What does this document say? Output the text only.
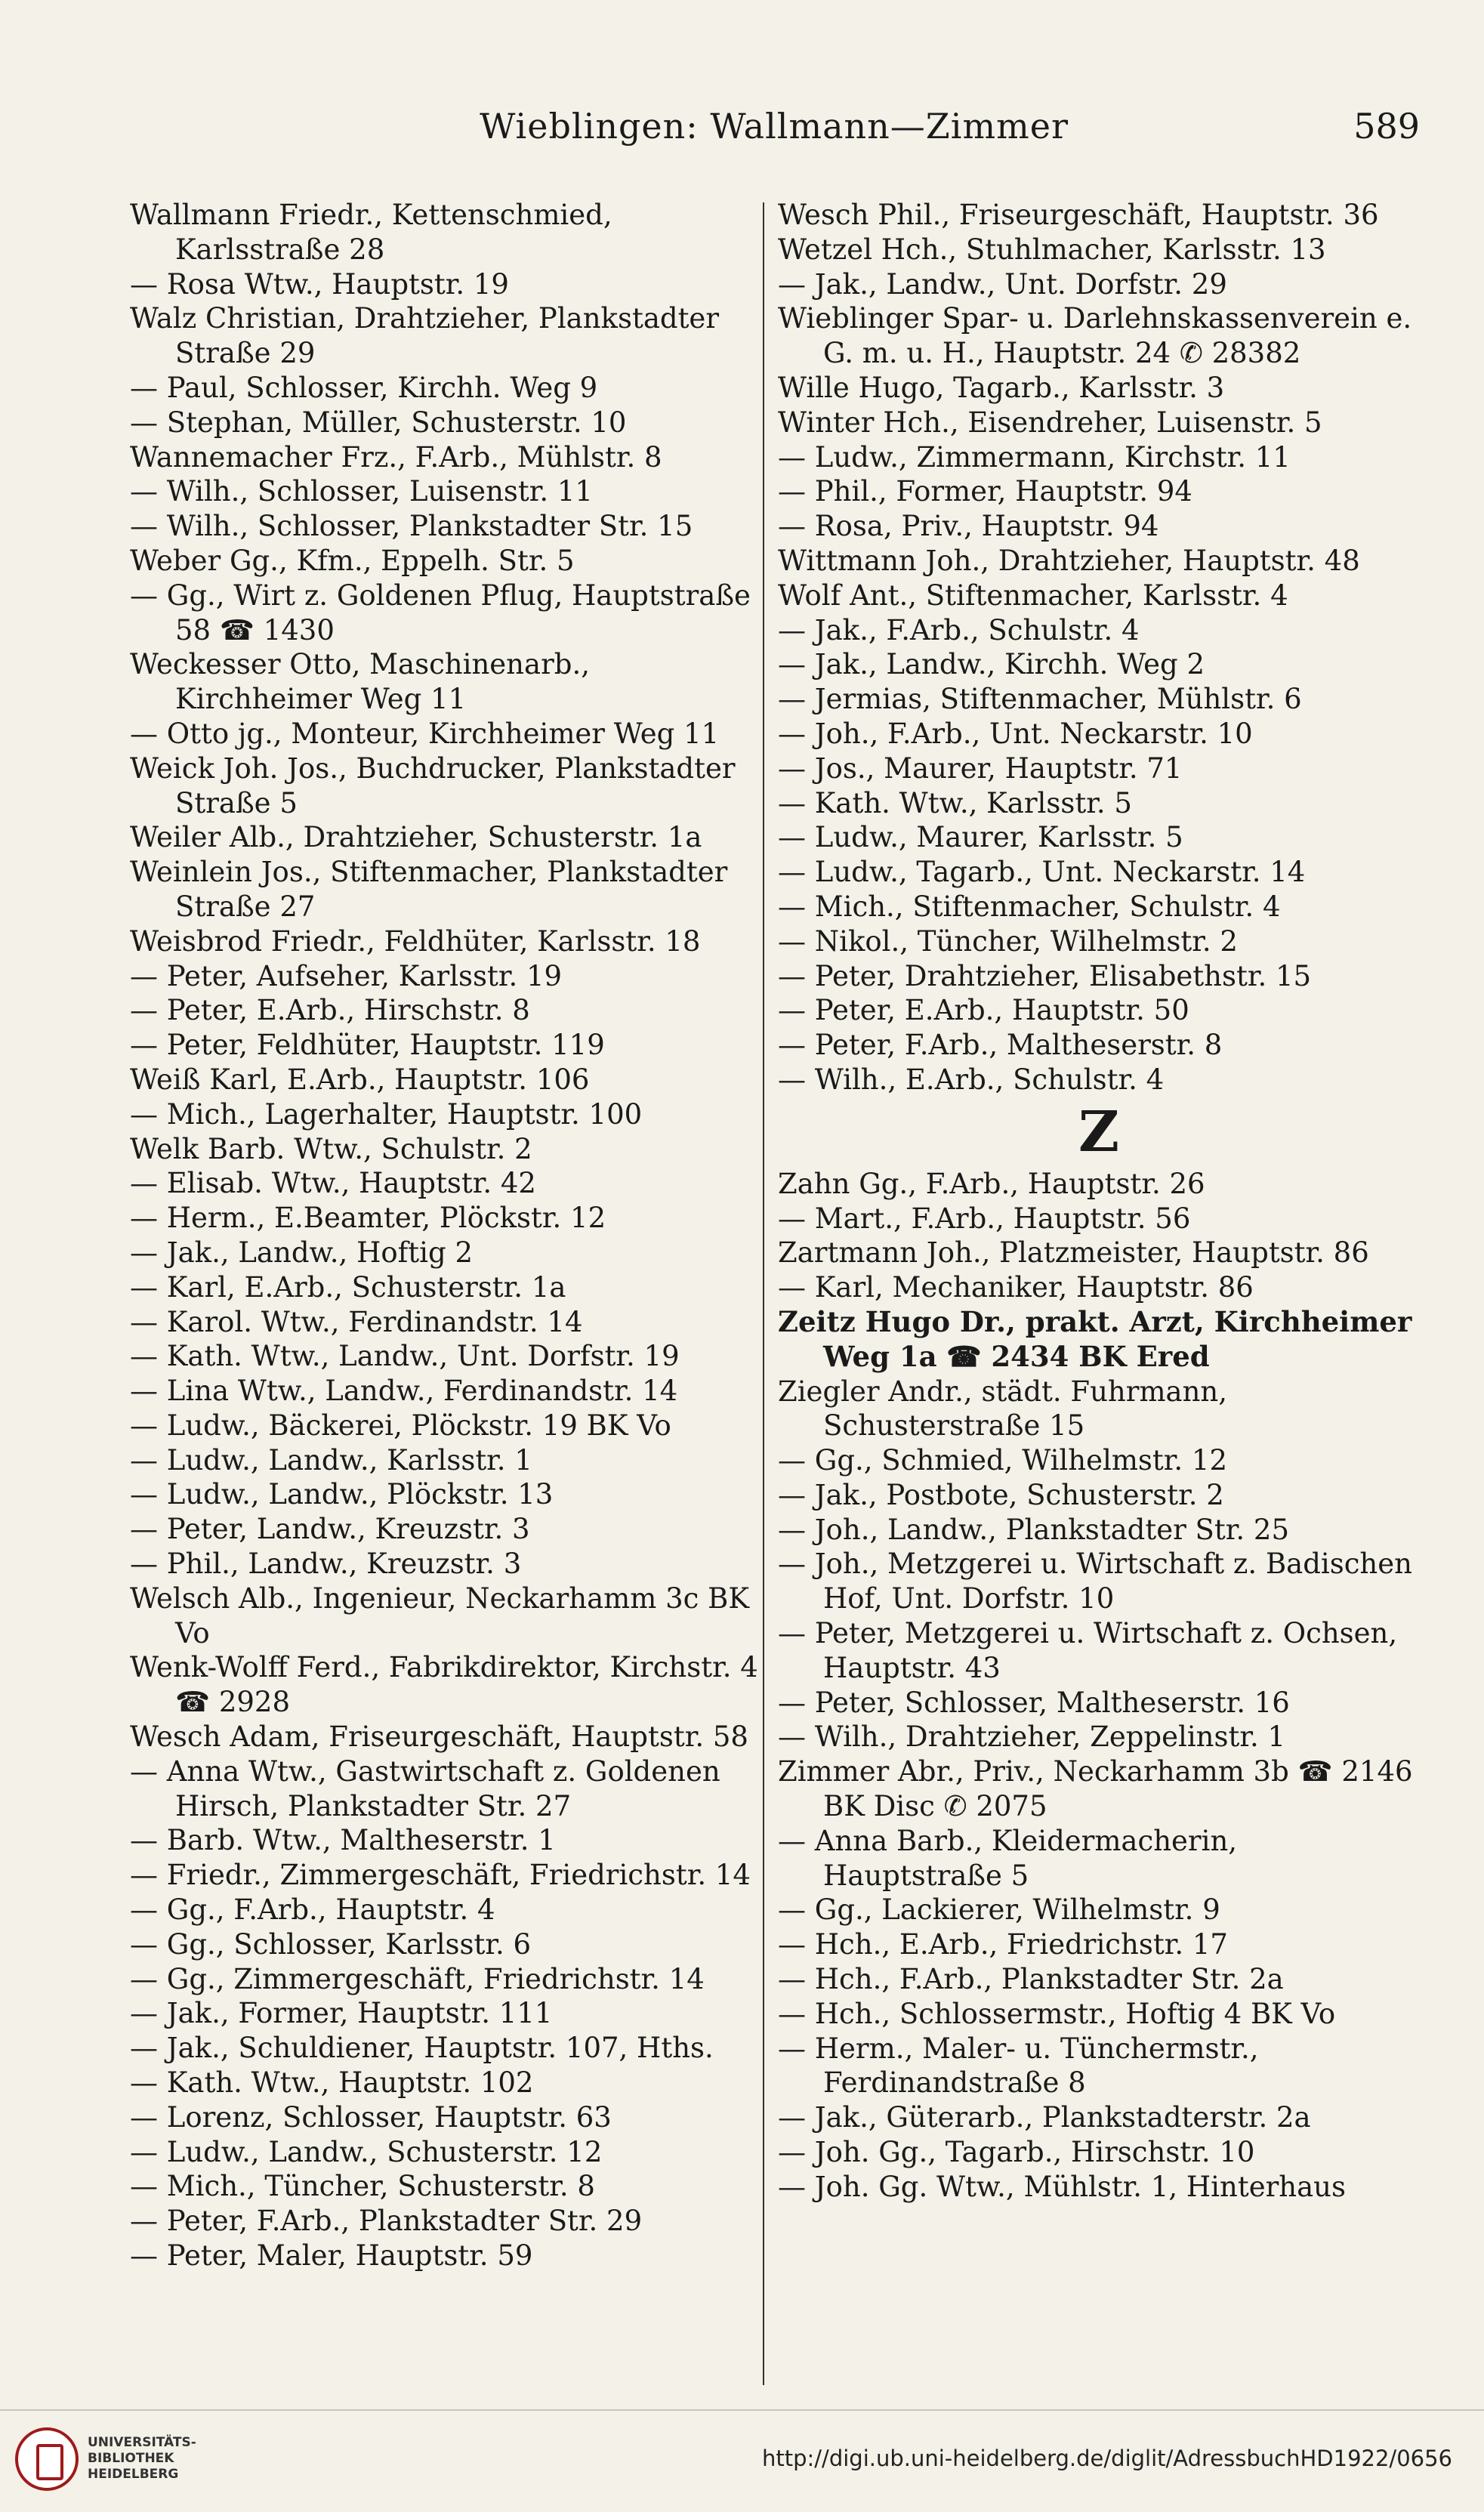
Wieblingen: Wallmann—Zimmer	589
Wallmann Friedr., Kettenschmied, Karlsstraße 28
— Rosa Wtw., Hauptstr. 19
Walz Christian, Drahtzieher, Plankstadter Straße 29
— Paul, Schlosser, Kirchh. Weg 9
— Stephan, Müller, Schusterstr. 10
Wannemacher Frz., F.Arb., Mühlstr. 8
— Wilh., Schlosser, Luisenstr. 11
— Wilh., Schlosser, Plankstadter Str. 15
Weber Gg., Kfm., Eppelh. Str. 5
— Gg., Wirt z. Goldenen Pflug, Hauptstraße 58 ☎ 1430
Weckesser Otto, Maschinenarb., Kirchheimer Weg 11
— Otto jg., Monteur, Kirchheimer Weg 11
Weick Joh. Jos., Buchdrucker, Plankstadter Straße 5
Weiler Alb., Drahtzieher, Schusterstr. 1a
Weinlein Jos., Stiftenmacher, Plankstadter Straße 27
Weisbrod Friedr., Feldhüter, Karlsstr. 18
— Peter, Aufseher, Karlsstr. 19
— Peter, E.Arb., Hirschstr. 8
— Peter, Feldhüter, Hauptstr. 119
Weiß Karl, E.Arb., Hauptstr. 106
— Mich., Lagerhalter, Hauptstr. 100
Welk Barb. Wtw., Schulstr. 2
— Elisab. Wtw., Hauptstr. 42
— Herm., E.Beamter, Plöckstr. 12
— Jak., Landw., Hoftig 2
— Karl, E.Arb., Schusterstr. 1a
— Karol. Wtw., Ferdinandstr. 14
— Kath. Wtw., Landw., Unt. Dorfstr. 19
— Lina Wtw., Landw., Ferdinandstr. 14
— Ludw., Bäckerei, Plöckstr. 19 BK Vo
— Ludw., Landw., Karlsstr. 1
— Ludw., Landw., Plöckstr. 13
— Peter, Landw., Kreuzstr. 3
— Phil., Landw., Kreuzstr. 3
Welsch Alb., Ingenieur, Neckarhamm 3c BK Vo
Wenk-Wolff Ferd., Fabrikdirektor, Kirchstr. 4 ☎ 2928
Wesch Adam, Friseurgeschäft, Hauptstr. 58
— Anna Wtw., Gastwirtschaft z. Goldenen Hirsch, Plankstadter Str. 27
— Barb. Wtw., Maltheserstr. 1
— Friedr., Zimmergeschäft, Friedrichstr. 14
— Gg., F.Arb., Hauptstr. 4
— Gg., Schlosser, Karlsstr. 6
— Gg., Zimmergeschäft, Friedrichstr. 14
— Jak., Former, Hauptstr. 111
— Jak., Schuldiener, Hauptstr. 107, Hths.
— Kath. Wtw., Hauptstr. 102
— Lorenz, Schlosser, Hauptstr. 63
— Ludw., Landw., Schusterstr. 12
— Mich., Tüncher, Schusterstr. 8
— Peter, F.Arb., Plankstadter Str. 29
— Peter, Maler, Hauptstr. 59
Wesch Phil., Friseurgeschäft, Hauptstr. 36
Wetzel Hch., Stuhlmacher, Karlsstr. 13
— Jak., Landw., Unt. Dorfstr. 29
Wieblinger Spar- u. Darlehnskassenverein e. G. m. u. H., Hauptstr. 24 ✆ 28382
Wille Hugo, Tagarb., Karlsstr. 3
Winter Hch., Eisendreher, Luisenstr. 5
— Ludw., Zimmermann, Kirchstr. 11
— Phil., Former, Hauptstr. 94
— Rosa, Priv., Hauptstr. 94
Wittmann Joh., Drahtzieher, Hauptstr. 48
Wolf Ant., Stiftenmacher, Karlsstr. 4
— Jak., F.Arb., Schulstr. 4
— Jak., Landw., Kirchh. Weg 2
— Jermias, Stiftenmacher, Mühlstr. 6
— Joh., F.Arb., Unt. Neckarstr. 10
— Jos., Maurer, Hauptstr. 71
— Kath. Wtw., Karlsstr. 5
— Ludw., Maurer, Karlsstr. 5
— Ludw., Tagarb., Unt. Neckarstr. 14
— Mich., Stiftenmacher, Schulstr. 4
— Nikol., Tüncher, Wilhelmstr. 2
— Peter, Drahtzieher, Elisabethstr. 15
— Peter, E.Arb., Hauptstr. 50
— Peter, F.Arb., Maltheserstr. 8
— Wilh., E.Arb., Schulstr. 4
Z
Zahn Gg., F.Arb., Hauptstr. 26
— Mart., F.Arb., Hauptstr. 56
Zartmann Joh., Platzmeister, Hauptstr. 86
— Karl, Mechaniker, Hauptstr. 86
Zeitz Hugo Dr., prakt. Arzt, Kirchheimer Weg 1a ☎ 2434 BK Ered
Ziegler Andr., städt. Fuhrmann, Schusterstraße 15
— Gg., Schmied, Wilhelmstr. 12
— Jak., Postbote, Schusterstr. 2
— Joh., Landw., Plankstadter Str. 25
— Joh., Metzgerei u. Wirtschaft z. Badischen Hof, Unt. Dorfstr. 10
— Peter, Metzgerei u. Wirtschaft z. Ochsen, Hauptstr. 43
— Peter, Schlosser, Maltheserstr. 16
— Wilh., Drahtzieher, Zeppelinstr. 1
Zimmer Abr., Priv., Neckarhamm 3b ☎ 2146 BK Disc ✆ 2075
— Anna Barb., Kleidermacherin, Hauptstraße 5
— Gg., Lackierer, Wilhelmstr. 9
— Hch., E.Arb., Friedrichstr. 17
— Hch., F.Arb., Plankstadter Str. 2a
— Hch., Schlossermstr., Hoftig 4 BK Vo
— Herm., Maler- u. Tünchermstr., Ferdinandstraße 8
— Jak., Güterarb., Plankstadterstr. 2a
— Joh. Gg., Tagarb., Hirschstr. 10
— Joh. Gg. Wtw., Mühlstr. 1, Hinterhaus
UNIVERSITÄTS-BIBLIOTHEK HEIDELBERG
http://digi.ub.uni-heidelberg.de/diglit/AdressbuchHD1922/0656
